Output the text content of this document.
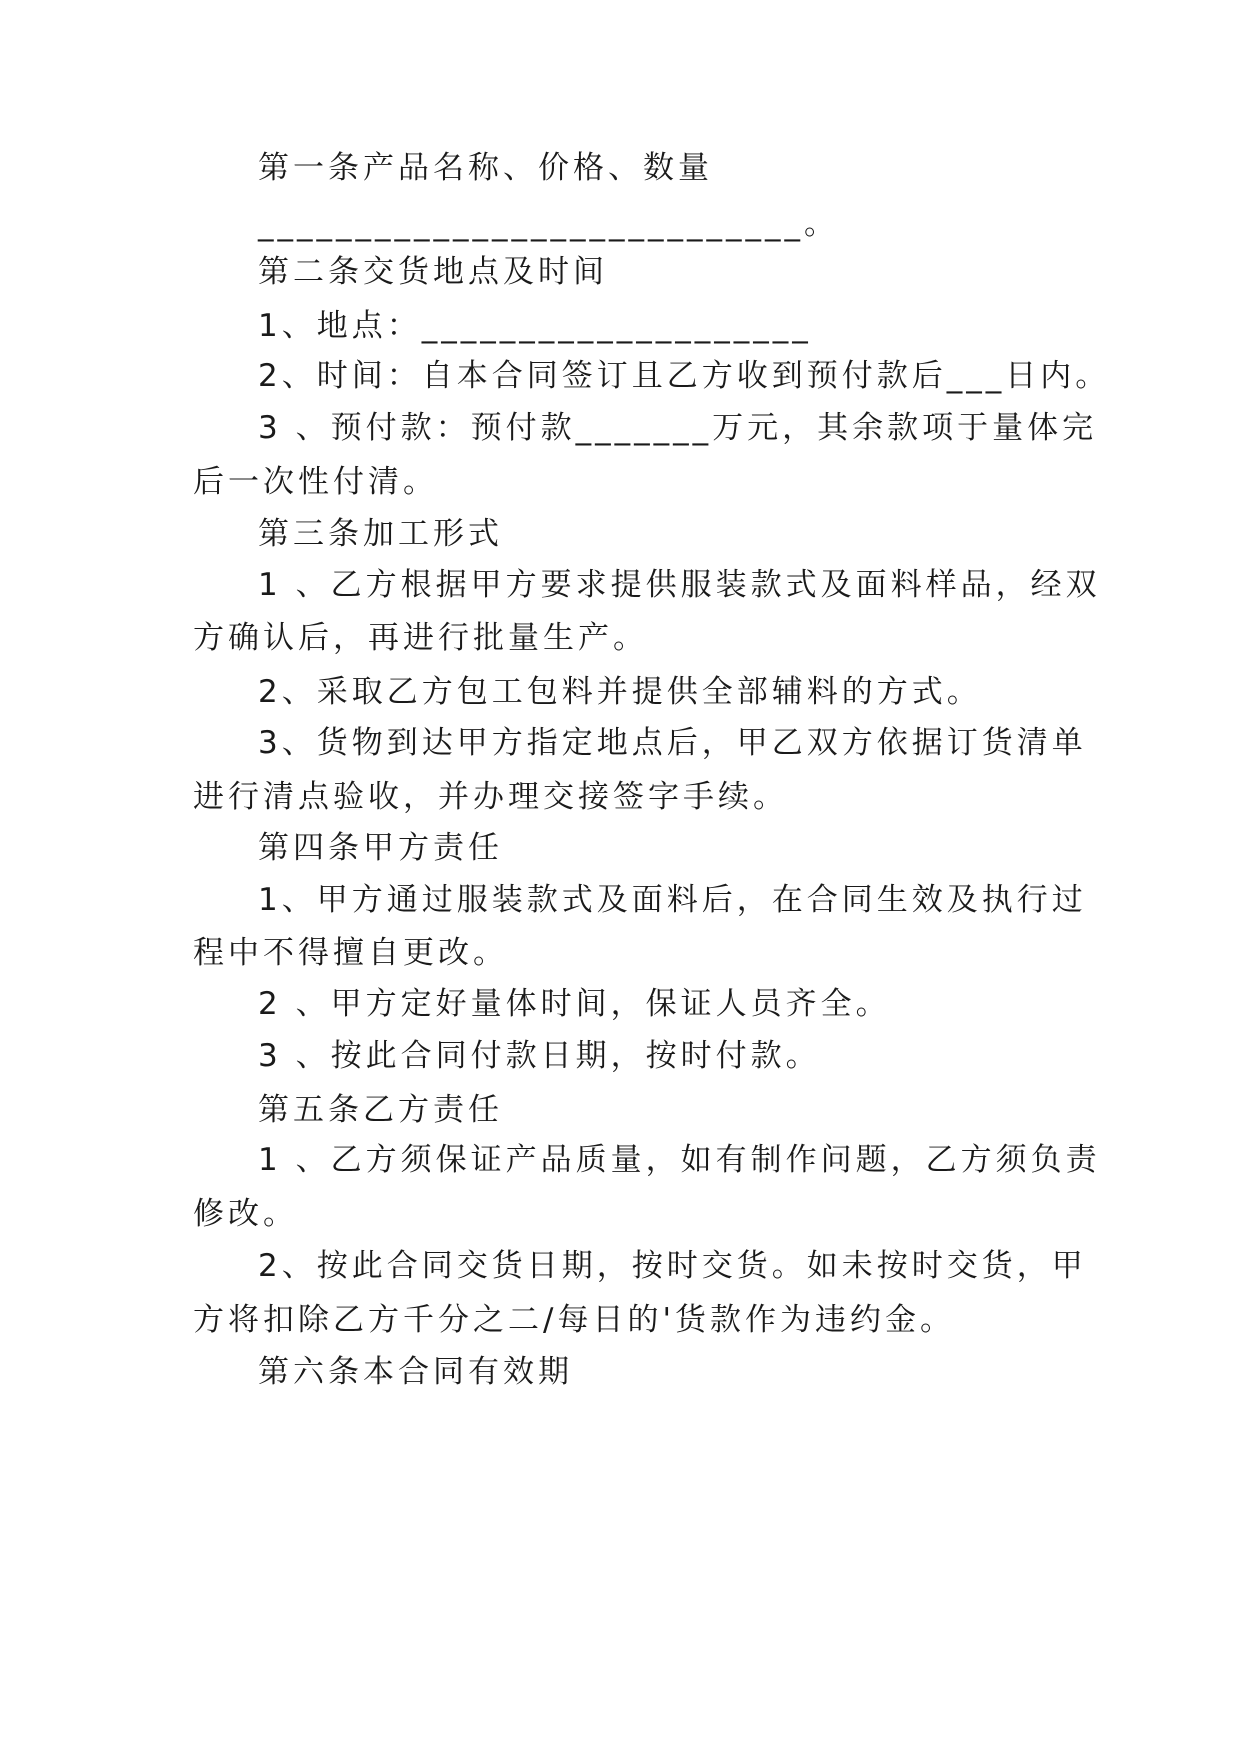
第一条产品名称、价格、数量
____________________________。
第二条交货地点及时间
1、地点：____________________
2、时间：自本合同签订且乙方收到预付款后___日内。
3 、预付款：预付款_______万元，其余款项于量体完
后一次性付清。
第三条加工形式
1 、乙方根据甲方要求提供服装款式及面料样品，经双
方确认后，再进行批量生产。
2、采取乙方包工包料并提供全部辅料的方式。
3、货物到达甲方指定地点后，甲乙双方依据订货清单
进行清点验收，并办理交接签字手续。
第四条甲方责任
1、甲方通过服装款式及面料后，在合同生效及执行过
程中不得擅自更改。
2 、甲方定好量体时间，保证人员齐全。
3 、按此合同付款日期，按时付款。
第五条乙方责任
1 、乙方须保证产品质量，如有制作问题，乙方须负责
修改。
2、按此合同交货日期，按时交货。如未按时交货，甲
方将扣除乙方千分之二/每日的'货款作为违约金。
第六条本合同有效期
